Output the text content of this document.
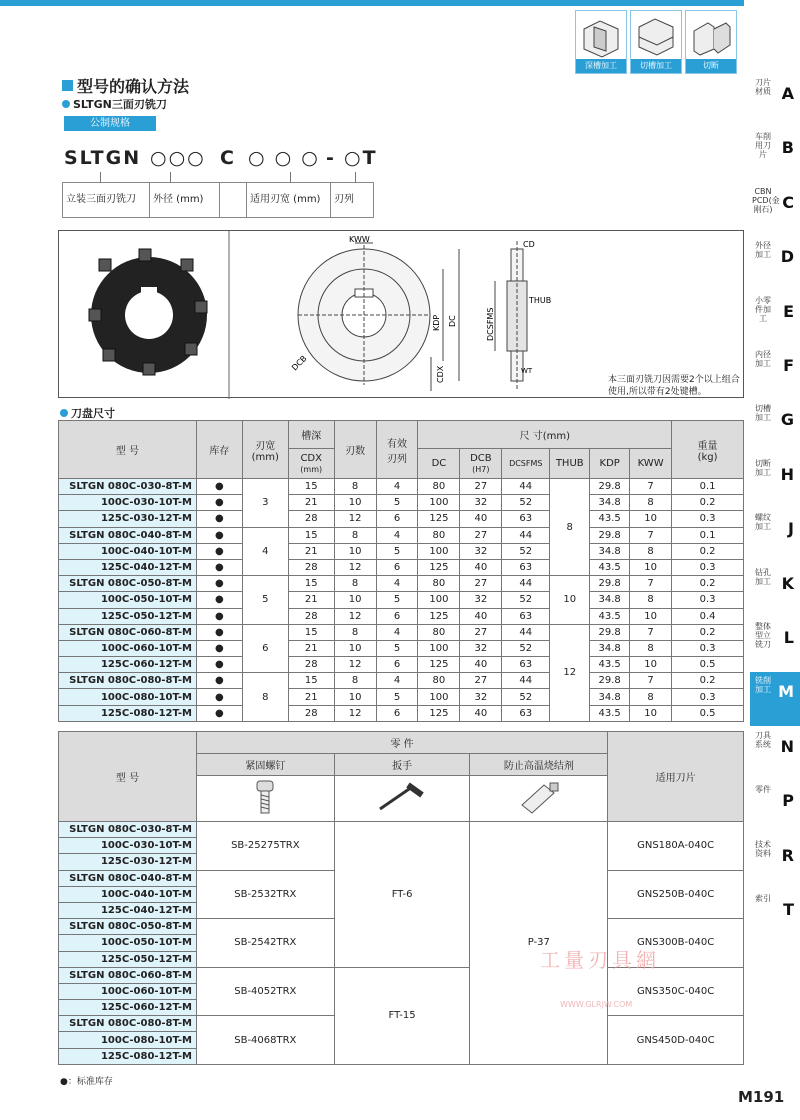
深槽加工	切槽加工	切断
型号的确认方法
SLTGN三面刃铣刀
公制规格
SLTGN ○○○ C ○ ○ ○ - ○T
立装三面刃铣刀	外径 (mm)	适用刃宽 (mm)	刃列
KWW
KDP DC
DCB
CDX
CD
THUB
DCSFMS
WT
本三面刃铣刀因需要2个以上组合使用,所以带有2处键槽。
刀盘尺寸
型 号	库存	刃宽
(mm)	槽深	刃数	有效
刃列	尺 寸(mm)						重量
(kg)
			CDX
(mm)			DC	DCB
(H7)	DCSFMS	THUB	KDP	KWW	
SLTGN 080C-030-8T-M	●	3	15	8	4	80	27	44	8	29.8	7	0.1
100C-030-10T-M	●		21	10	5	100	32	52		34.8	8	0.2
125C-030-12T-M	●		28	12	6	125	40	63		43.5	10	0.3
SLTGN 080C-040-8T-M	●	4	15	8	4	80	27	44		29.8	7	0.1
100C-040-10T-M	●		21	10	5	100	32	52		34.8	8	0.2
125C-040-12T-M	●		28	12	6	125	40	63		43.5	10	0.3
SLTGN 080C-050-8T-M	●	5	15	8	4	80	27	44	10	29.8	7	0.2
100C-050-10T-M	●		21	10	5	100	32	52		34.8	8	0.3
125C-050-12T-M	●		28	12	6	125	40	63		43.5	10	0.4
SLTGN 080C-060-8T-M	●	6	15	8	4	80	27	44	12	29.8	7	0.2
100C-060-10T-M	●		21	10	5	100	32	52		34.8	8	0.3
125C-060-12T-M	●		28	12	6	125	40	63		43.5	10	0.5
SLTGN 080C-080-8T-M	●	8	15	8	4	80	27	44		29.8	7	0.2
100C-080-10T-M	●		21	10	5	100	32	52		34.8	8	0.3
125C-080-12T-M	●		28	12	6	125	40	63		43.5	10	0.5
型 号	零 件			适用刀片
	紧固螺钉	扳手	防止高温烧结剂	

SLTGN 080C-030-8T-M	SB-25275TRX	FT-6	P-37	GNS180A-040C
100C-030-10T-M				
125C-030-12T-M				
SLTGN 080C-040-8T-M	SB-2532TRX			GNS250B-040C
100C-040-10T-M				
125C-040-12T-M				
SLTGN 080C-050-8T-M	SB-2542TRX			GNS300B-040C
100C-050-10T-M				
125C-050-12T-M				
SLTGN 080C-060-8T-M	SB-4052TRX	FT-15		GNS350C-040C
100C-060-10T-M				
125C-060-12T-M				
SLTGN 080C-080-8T-M	SB-4068TRX			GNS450D-040C
100C-080-10T-M				
125C-080-12T-M				
●：标准库存
工量刃具網
WWW.GLRJW.COM
刀片材质 A
车削用刀片 B
CBN PCD(金刚石) C
外径加工 D
小零件加工	E
内径加工 F
切槽加工 G
切断加工 H
螺纹加工 J
钻孔加工 K
整体型立铣刀 L
铣削加工 M
刀具系统 N
零件
P
技术资料 R
索引
T
M191
